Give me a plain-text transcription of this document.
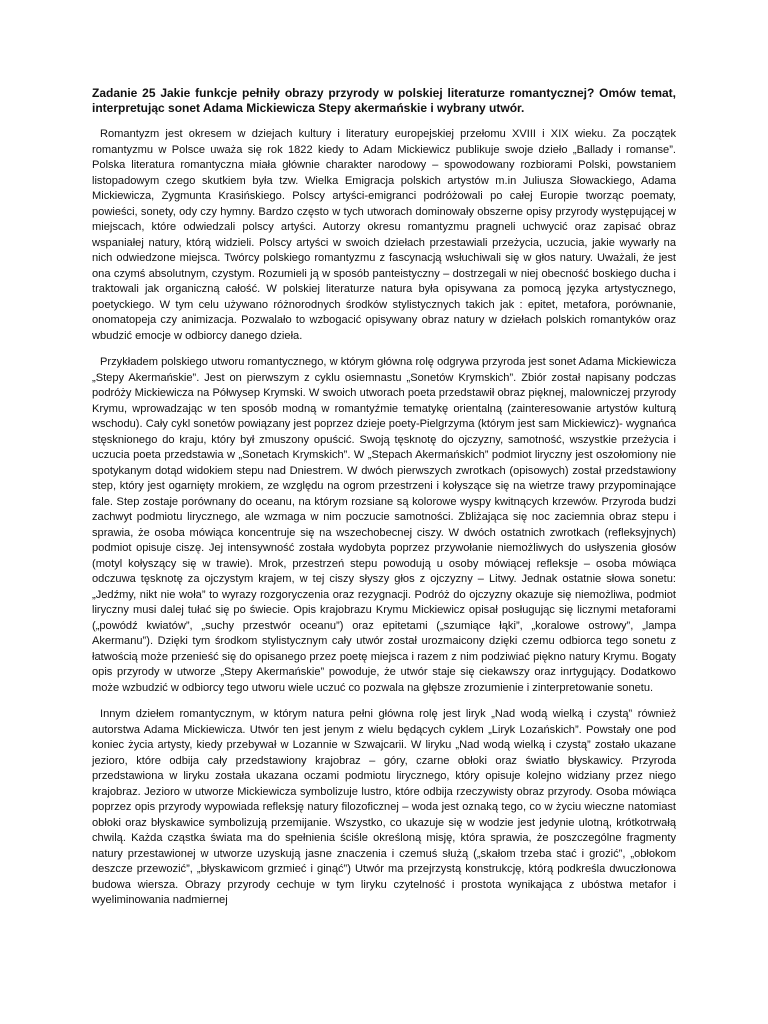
Zadanie 25 Jakie funkcje pełniły obrazy przyrody w polskiej literaturze romantycznej? Omów temat, interpretując sonet Adama Mickiewicza Stepy akermańskie i wybrany utwór.

Romantyzm jest okresem w dziejach kultury i literatury europejskiej przełomu XVIII i XIX wieku. Za początek romantyzmu w Polsce uważa się rok 1822 kiedy to Adam Mickiewicz publikuje swoje dzieło „Ballady i romanse”. Polska literatura romantyczna miała głównie charakter narodowy – spowodowany rozbiorami Polski, powstaniem listopadowym czego skutkiem była tzw. Wielka Emigracja polskich artystów m.in Juliusza Słowackiego, Adama Mickiewicza, Zygmunta Krasińskiego. Polscy artyści-emigranci podróżowali po całej Europie tworząc poematy, powieści, sonety, ody czy hymny. Bardzo często w tych utworach dominowały obszerne opisy przyrody występującej w miejscach, które odwiedzali polscy artyści. Autorzy okresu romantyzmu pragneli uchwycić oraz zapisać obraz wspaniałej natury, którą widzieli. Polscy artyści w swoich dziełach przestawiali przeżycia, uczucia, jakie wywarły na nich odwiedzone miejsca. Twórcy polskiego romantyzmu z fascynacją wsłuchiwali się w głos natury. Uważali, że jest ona czymś absolutnym, czystym. Rozumieli ją w sposób panteistyczny – dostrzegali w niej obecność boskiego ducha i traktowali jak organiczną całość. W polskiej literaturze natura była opisywana za pomocą języka artystycznego, poetyckiego. W tym celu używano różnorodnych środków stylistycznych takich jak : epitet, metafora, porównanie, onomatopeja czy animizacja. Pozwalało to wzbogacić opisywany obraz natury w dziełach polskich romantyków oraz wbudzić emocje w odbiorcy danego dzieła.

Przykładem polskiego utworu romantycznego, w którym główna rolę odgrywa przyroda jest sonet Adama Mickiewicza „Stepy Akermańskie”. Jest on pierwszym z cyklu osiemnastu „Sonetów Krymskich”. Zbiór został napisany podczas podróży Mickiewicza na Półwysep Krymski. W swoich utworach poeta przedstawił obraz pięknej, malowniczej przyrody Krymu, wprowadzając w ten sposób modną w romantyźmie tematykę orientalną (zainteresowanie artystów kulturą wschodu). Cały cykl sonetów powiązany jest poprzez dzieje poety-Pielgrzyma (którym jest sam Mickiewicz)- wygnańca stęsknionego do kraju, który był zmuszony opuścić. Swoją tęsknotę do ojczyzny, samotność, wszystkie przeżycia i uczucia poeta przedstawia w „Sonetach Krymskich”. W „Stepach Akermańskich” podmiot liryczny jest oszołomiony nie spotykanym dotąd widokiem stepu nad Dniestrem. W dwóch pierwszych zwrotkach (opisowych) został przedstawiony step, który jest ogarnięty mrokiem, ze względu na ogrom przestrzeni i kołyszące się na wietrze trawy przypominające fale. Step zostaje porównany do oceanu, na którym rozsiane są kolorowe wyspy kwitnących krzewów. Przyroda budzi zachwyt podmiotu lirycznego, ale wzmaga w nim poczucie samotności. Zbliżająca się noc zaciemnia obraz stepu i sprawia, że osoba mówiąca koncentruje się na wszechobecnej ciszy. W dwóch ostatnich zwrotkach (refleksyjnych) podmiot opisuje ciszę. Jej intensywność została wydobyta poprzez przywołanie niemożliwych do usłyszenia głosów (motyl kołyszący się w trawie). Mrok, przestrzeń stepu powodują u osoby mówiącej refleksje – osoba mówiąca odczuwa tęsknotę za ojczystym krajem, w tej ciszy słyszy głos z ojczyzny – Litwy. Jednak ostatnie słowa sonetu: „Jedźmy, nikt nie woła” to wyrazy rozgoryczenia oraz rezygnacji. Podróż do ojczyzny okazuje się niemożliwa, podmiot liryczny musi dalej tułać się po świecie. Opis krajobrazu Krymu Mickiewicz opisał posługując się licznymi metaforami („powódź kwiatów”, „suchy przestwór oceanu”) oraz epitetami („szumiące łąki”, „koralowe ostrowy”, „lampa Akermanu”). Dzięki tym środkom stylistycznym cały utwór został urozmaicony dzięki czemu odbiorca tego sonetu z łatwością może przenieść się do opisanego przez poetę miejsca i razem z nim podziwiać piękno natury Krymu. Bogaty opis przyrody w utworze „Stepy Akermańskie” powoduje, że utwór staje się ciekawszy oraz inrtygujący. Dodatkowo może wzbudzić w odbiorcy tego utworu wiele uczuć co pozwala na głębsze zrozumienie i zinterpretowanie sonetu.

Innym dziełem romantycznym, w którym natura pełni główna rolę jest liryk „Nad wodą wielką i czystą” również autorstwa Adama Mickiewicza. Utwór ten jest jenym z wielu będących cyklem „Liryk Lozańskich”. Powstały one pod koniec życia artysty, kiedy przebywał w Lozannie w Szwajcarii. W liryku „Nad wodą wielką i czystą” zostało ukazane jezioro, które odbija cały przedstawiony krajobraz – góry, czarne obłoki oraz światło błyskawicy. Przyroda przedstawiona w liryku została ukazana oczami podmiotu lirycznego, który opisuje kolejno widziany przez niego krajobraz. Jezioro w utworze Mickiewicza symbolizuje lustro, które odbija rzeczywisty obraz przyrody. Osoba mówiąca poprzez opis przyrody wypowiada refleksję natury filozoficznej – woda jest oznaką tego, co w życiu wieczne natomiast obłoki oraz błyskawice symbolizują przemijanie. Wszystko, co ukazuje się w wodzie jest jedynie ulotną, krótkotrwałą chwilą. Każda cząstka świata ma do spełnienia ściśle określoną misję, która sprawia, że poszczególne fragmenty natury przestawionej w utworze uzyskują jasne znaczenia i czemuś służą („skałom trzeba stać i grozić”, „obłokom deszcze przewozić”, „błyskawicom grzmieć i ginąć”) Utwór ma przejrzystą konstrukcję, którą podkreśla dwuczłonowa budowa wiersza. Obrazy przyrody cechuje w tym liryku czytelność i prostota wynikająca z ubóstwa metafor i wyeliminowania nadmiernej
